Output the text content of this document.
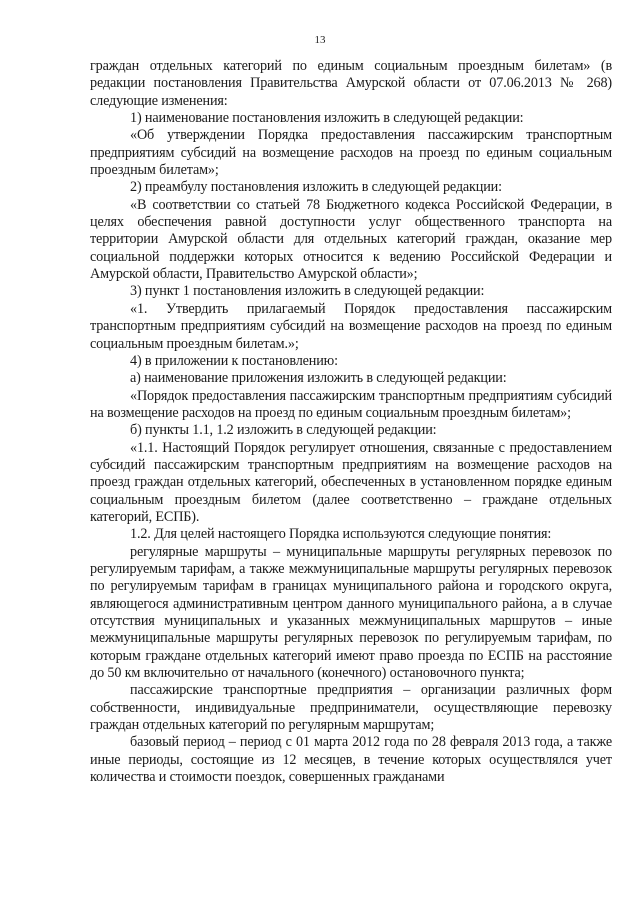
13

граждан отдельных категорий по единым социальным проездным билетам» (в редакции постановления Правительства Амурской области от 07.06.2013 № 268) следующие изменения:

1) наименование постановления изложить в следующей редакции:

«Об утверждении Порядка предоставления пассажирским транспортным предприятиям субсидий на возмещение расходов на проезд по единым социальным проездным билетам»;

2) преамбулу постановления изложить в следующей редакции:

«В соответствии со статьей 78 Бюджетного кодекса Российской Федерации, в целях обеспечения равной доступности услуг общественного транспорта на территории Амурской области для отдельных категорий граждан, оказание мер социальной поддержки которых относится к ведению Российской Федерации и Амурской области, Правительство Амурской области»;

3) пункт 1 постановления изложить в следующей редакции:

«1. Утвердить прилагаемый Порядок предоставления пассажирским транспортным предприятиям субсидий на возмещение расходов на проезд по единым социальным проездным билетам.»;

4) в приложении к постановлению:

а) наименование приложения изложить в следующей редакции:

«Порядок предоставления пассажирским транспортным предприятиям субсидий на возмещение расходов на проезд по единым социальным проездным билетам»;

б) пункты 1.1, 1.2 изложить в следующей редакции:

«1.1. Настоящий Порядок регулирует отношения, связанные с предоставлением субсидий пассажирским транспортным предприятиям на возмещение расходов на проезд граждан отдельных категорий, обеспеченных в установленном порядке единым социальным проездным билетом (далее соответственно – граждане отдельных категорий, ЕСПБ).

1.2. Для целей настоящего Порядка используются следующие понятия:

регулярные маршруты – муниципальные маршруты регулярных перевозок по регулируемым тарифам, а также межмуниципальные маршруты регулярных перевозок по регулируемым тарифам в границах муниципального района и городского округа, являющегося административным центром данного муниципального района, а в случае отсутствия муниципальных и указанных межмуниципальных маршрутов – иные межмуниципальные маршруты регулярных перевозок по регулируемым тарифам, по которым граждане отдельных категорий имеют право проезда по ЕСПБ на расстояние до 50 км включительно от начального (конечного) остановочного пункта;

пассажирские транспортные предприятия – организации различных форм собственности, индивидуальные предприниматели, осуществляющие перевозку граждан отдельных категорий по регулярным маршрутам;

базовый период – период с 01 марта 2012 года по 28 февраля 2013 года, а также иные периоды, состоящие из 12 месяцев, в течение которых осуществлялся учет количества и стоимости поездок, совершенных гражданами
